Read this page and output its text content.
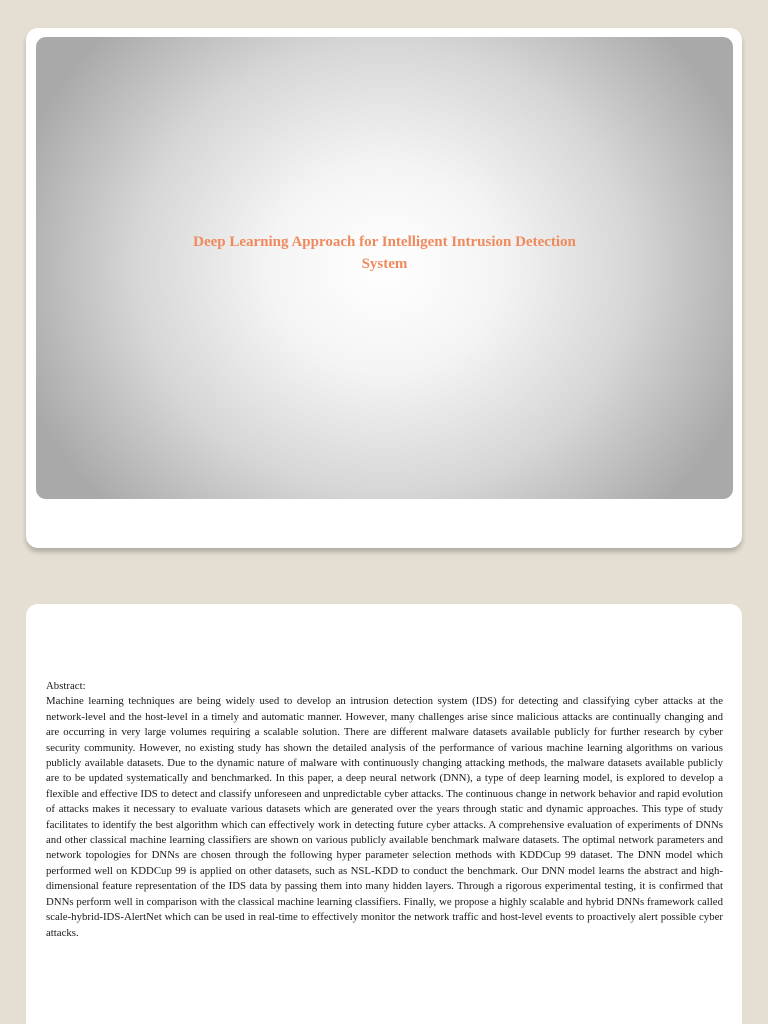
Deep Learning Approach for Intelligent Intrusion Detection System
Abstract:
Machine learning techniques are being widely used to develop an intrusion detection system (IDS) for detecting and classifying cyber attacks at the network-level and the host-level in a timely and automatic manner. However, many challenges arise since malicious attacks are continually changing and are occurring in very large volumes requiring a scalable solution. There are different malware datasets available publicly for further research by cyber security community. However, no existing study has shown the detailed analysis of the performance of various machine learning algorithms on various publicly available datasets. Due to the dynamic nature of malware with continuously changing attacking methods, the malware datasets available publicly are to be updated systematically and benchmarked. In this paper, a deep neural network (DNN), a type of deep learning model, is explored to develop a flexible and effective IDS to detect and classify unforeseen and unpredictable cyber attacks. The continuous change in network behavior and rapid evolution of attacks makes it necessary to evaluate various datasets which are generated over the years through static and dynamic approaches. This type of study facilitates to identify the best algorithm which can effectively work in detecting future cyber attacks. A comprehensive evaluation of experiments of DNNs and other classical machine learning classifiers are shown on various publicly available benchmark malware datasets. The optimal network parameters and network topologies for DNNs are chosen through the following hyper parameter selection methods with KDDCup 99 dataset. The DNN model which performed well on KDDCup 99 is applied on other datasets, such as NSL-KDD to conduct the benchmark. Our DNN model learns the abstract and high-dimensional feature representation of the IDS data by passing them into many hidden layers. Through a rigorous experimental testing, it is confirmed that DNNs perform well in comparison with the classical machine learning classifiers. Finally, we propose a highly scalable and hybrid DNNs framework called scale-hybrid-IDS-AlertNet which can be used in real-time to effectively monitor the network traffic and host-level events to proactively alert possible cyber attacks.
